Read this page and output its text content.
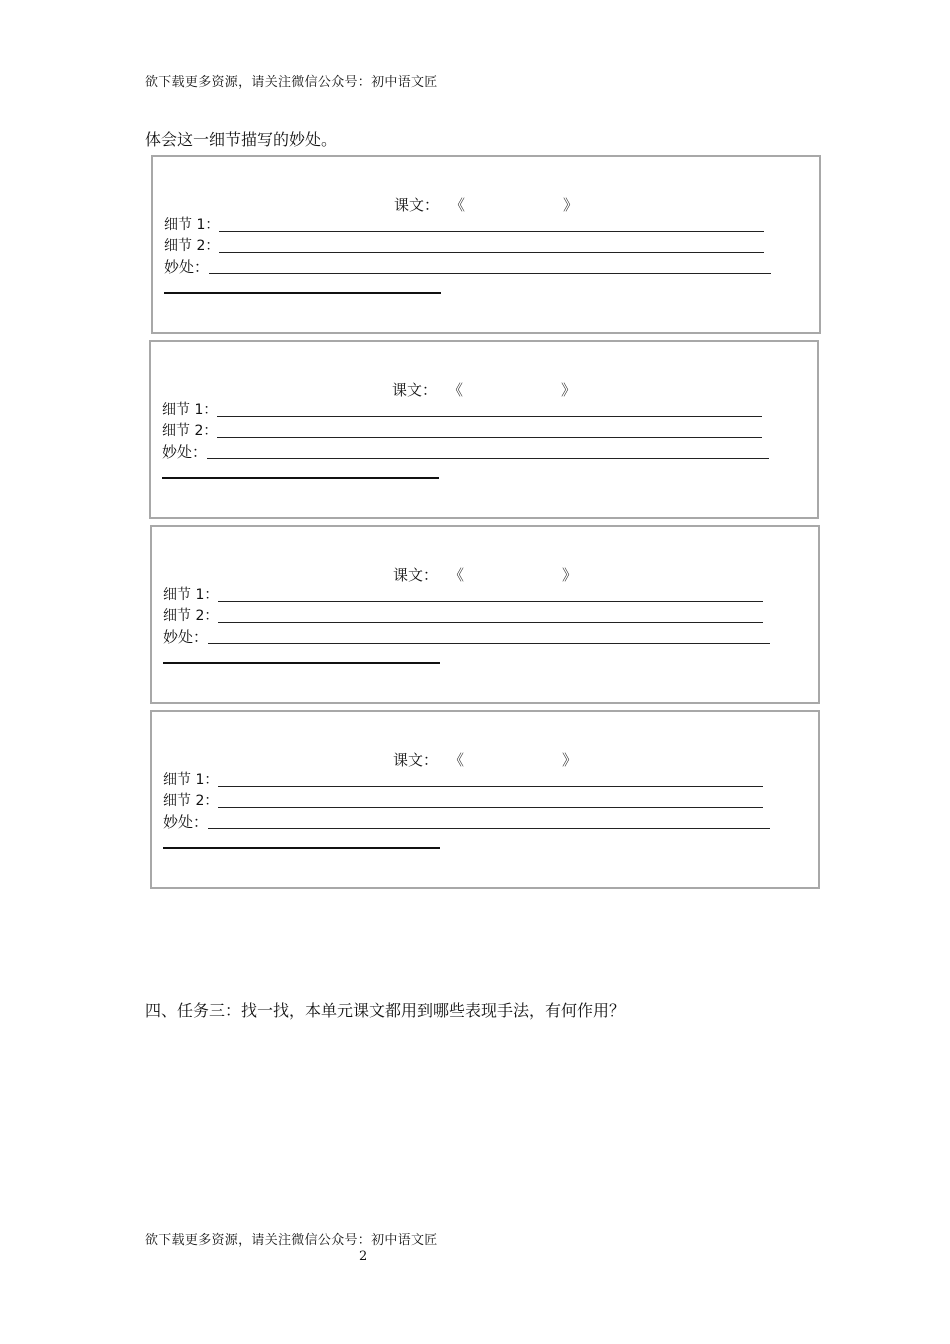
欲下载更多资源，请关注微信公众号：初中语文匠
体会这一细节描写的妙处。
课文： 《	》
细节 1：
细节 2：
妙处：
课文： 《	》
细节 1：
细节 2：
妙处：
课文： 《	》
细节 1：
细节 2：
妙处：
课文： 《	》
细节 1：
细节 2：
妙处：
四、任务三：找一找，本单元课文都用到哪些表现手法，有何作用？
欲下载更多资源，请关注微信公众号：初中语文匠
2
